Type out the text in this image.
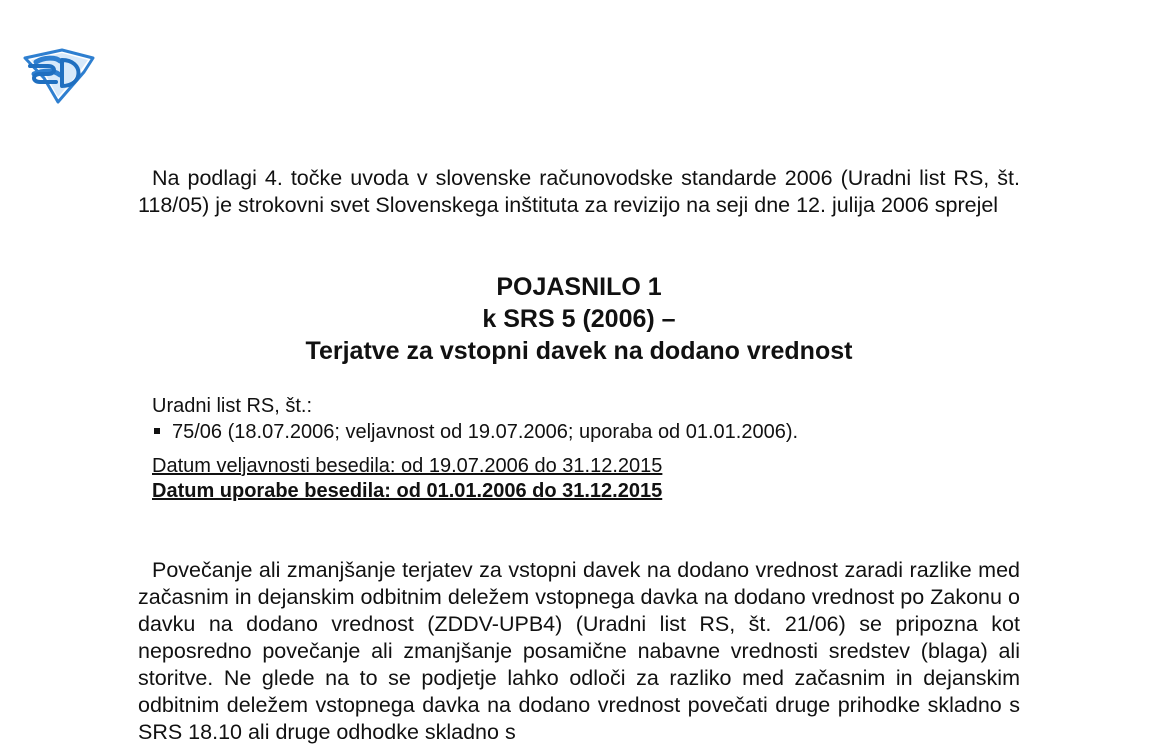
Na podlagi 4. točke uvoda v slovenske računovodske standarde 2006 (Uradni list RS, št. 118/05) je strokovni svet Slovenskega inštituta za revizijo na seji dne 12. julija 2006 sprejel

POJASNILO 1
k SRS 5 (2006) –
Terjatve za vstopni davek na dodano vrednost
Uradni list RS, št.:
75/06 (18.07.2006; veljavnost od 19.07.2006; uporaba od 01.01.2006).
Datum veljavnosti besedila: od 19.07.2006 do 31.12.2015
Datum uporabe besedila: od 01.01.2006 do 31.12.2015

Povečanje ali zmanjšanje terjatev za vstopni davek na dodano vrednost zaradi razlike med začasnim in dejanskim odbitnim deležem vstopnega davka na dodano vrednost po Zakonu o davku na dodano vrednost (ZDDV-UPB4) (Uradni list RS, št. 21/06) se pripozna kot neposredno povečanje ali zmanjšanje posamične nabavne vrednosti sredstev (blaga) ali storitve. Ne glede na to se podjetje lahko odloči za razliko med začasnim in dejanskim odbitnim deležem vstopnega davka na dodano vrednost povečati druge prihodke skladno s SRS 18.10 ali druge odhodke skladno s
